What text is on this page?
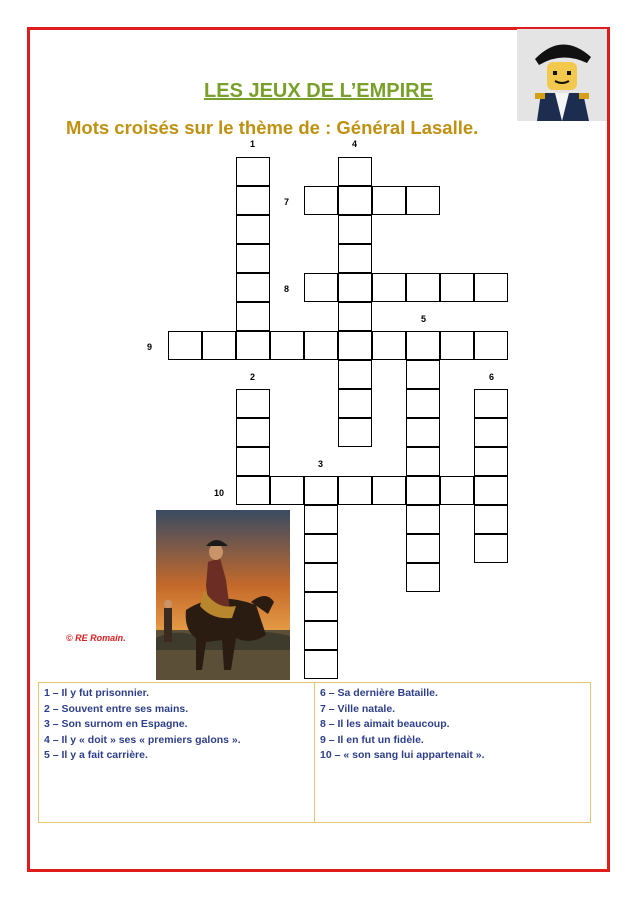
LES JEUX DE L’EMPIRE
Mots croisés sur le thème de : Général Lasalle.
1	4
7
8
5
9
2	6
3
10
© RE Romain.
1 – Il y fut prisonnier.
2 – Souvent entre ses mains.
3 – Son surnom en Espagne.
4 – Il y « doit » ses « premiers galons ».
5 – Il y a fait carrière.
6 – Sa dernière Bataille.
7 – Ville natale.
8 – Il les aimait beaucoup.
9 – Il en fut un fidèle.
10 – « son sang lui appartenait ».
